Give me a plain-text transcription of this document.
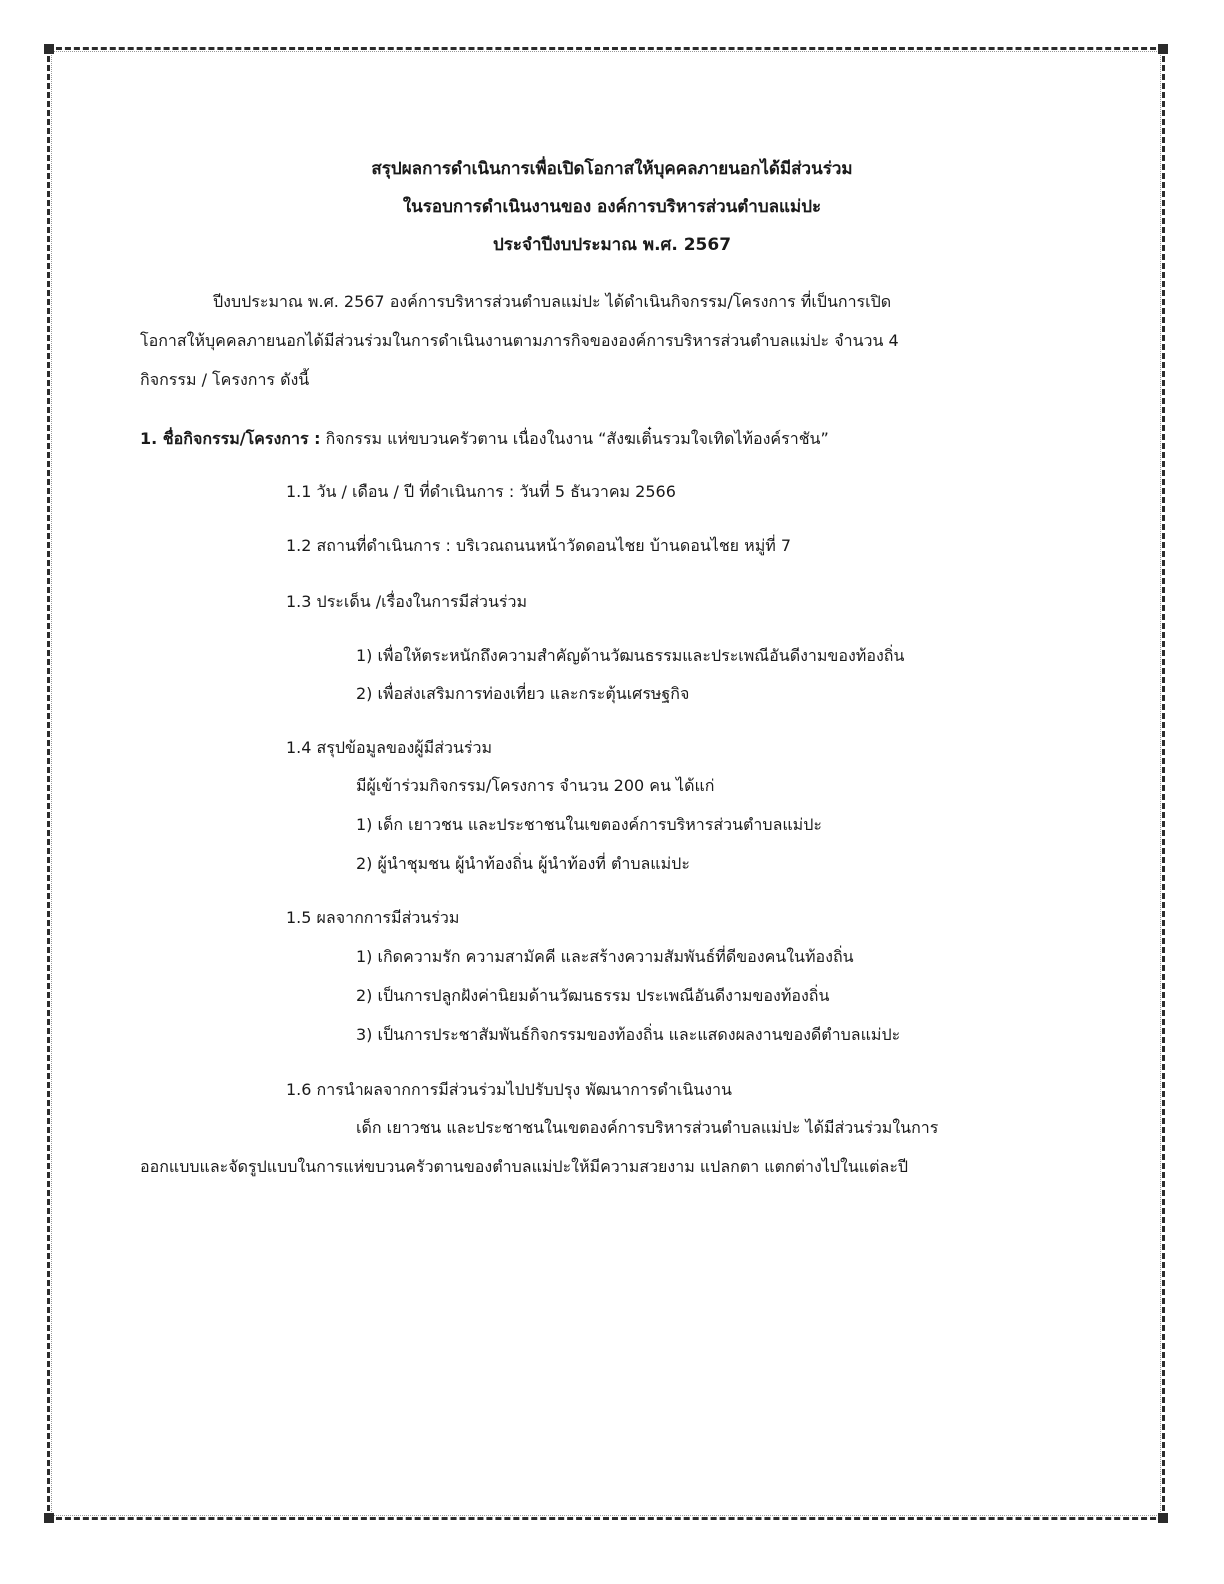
สรุปผลการดำเนินการเพื่อเปิดโอกาสให้บุคคลภายนอกได้มีส่วนร่วม
ในรอบการดำเนินงานของ องค์การบริหารส่วนตำบลแม่ปะ
ประจำปีงบประมาณ พ.ศ. 2567
ปีงบประมาณ พ.ศ. 2567 องค์การบริหารส่วนตำบลแม่ปะ ได้ดำเนินกิจกรรม/โครงการ ที่เป็นการเปิด
โอกาสให้บุคคลภายนอกได้มีส่วนร่วมในการดำเนินงานตามภารกิจขององค์การบริหารส่วนตำบลแม่ปะ จำนวน 4
กิจกรรม / โครงการ ดังนี้
1. ชื่อกิจกรรม/โครงการ : กิจกรรม แห่ขบวนครัวตาน เนื่องในงาน “สังฆเติ๋นรวมใจเทิดไท้องค์ราชัน”
1.1 วัน / เดือน / ปี ที่ดำเนินการ : วันที่ 5 ธันวาคม 2566
1.2 สถานที่ดำเนินการ : บริเวณถนนหน้าวัดดอนไชย บ้านดอนไชย หมู่ที่ 7
1.3 ประเด็น /เรื่องในการมีส่วนร่วม
1) เพื่อให้ตระหนักถึงความสำคัญด้านวัฒนธรรมและประเพณีอันดีงามของท้องถิ่น
2) เพื่อส่งเสริมการท่องเที่ยว และกระตุ้นเศรษฐกิจ
1.4 สรุปข้อมูลของผู้มีส่วนร่วม
มีผู้เข้าร่วมกิจกรรม/โครงการ จำนวน 200 คน ได้แก่
1) เด็ก เยาวชน และประชาชนในเขตองค์การบริหารส่วนตำบลแม่ปะ
2) ผู้นำชุมชน ผู้นำท้องถิ่น ผู้นำท้องที่ ตำบลแม่ปะ
1.5 ผลจากการมีส่วนร่วม
1) เกิดความรัก ความสามัคคี และสร้างความสัมพันธ์ที่ดีของคนในท้องถิ่น
2) เป็นการปลูกฝังค่านิยมด้านวัฒนธรรม ประเพณีอันดีงามของท้องถิ่น
3) เป็นการประชาสัมพันธ์กิจกรรมของท้องถิ่น และแสดงผลงานของดีตำบลแม่ปะ
1.6 การนำผลจากการมีส่วนร่วมไปปรับปรุง พัฒนาการดำเนินงาน
เด็ก เยาวชน และประชาชนในเขตองค์การบริหารส่วนตำบลแม่ปะ ได้มีส่วนร่วมในการ
ออกแบบและจัดรูปแบบในการแห่ขบวนครัวตานของตำบลแม่ปะให้มีความสวยงาม แปลกตา แตกต่างไปในแต่ละปี
